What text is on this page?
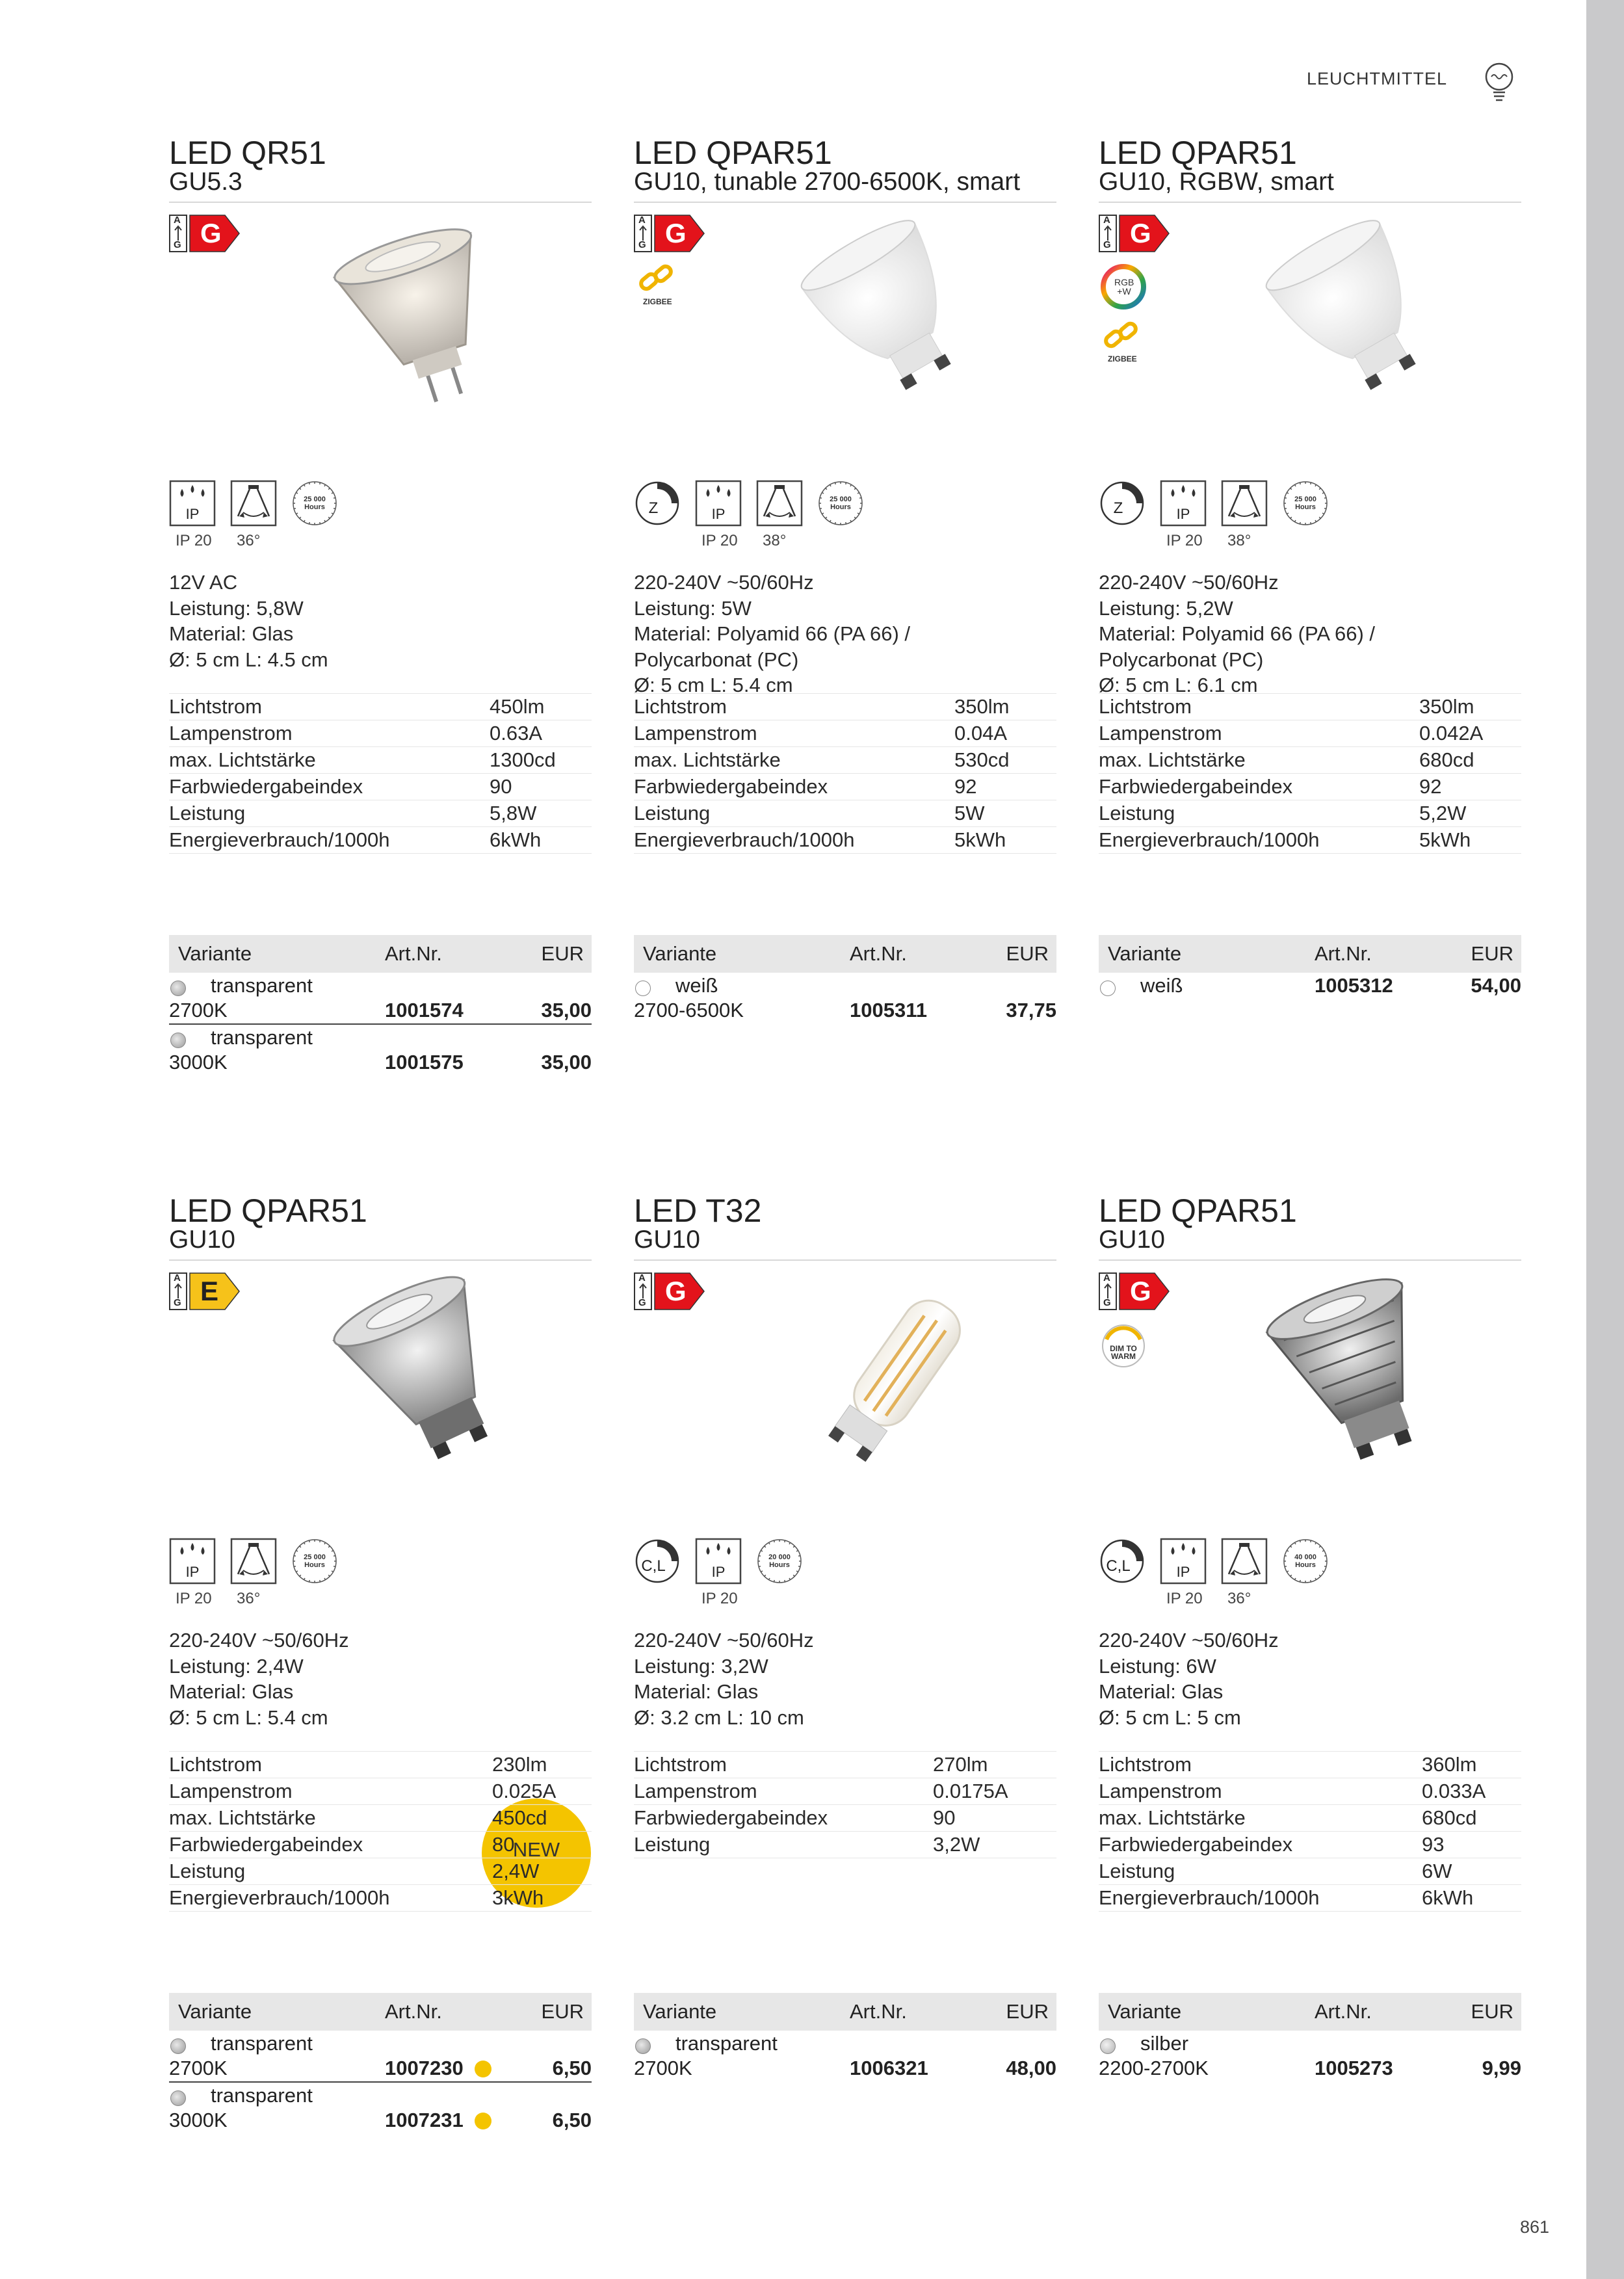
LEUCHTMITTEL
861
LED QR51
GU5.3
A
G G
IP
IP 20 36°
25 000
Hours
12V AC
Leistung: 5,8W
Material: Glas
Ø: 5 cm L: 4.5 cm
Lichtstrom	450lm
Lampenstrom	0.63A
max. Lichtstärke	1300cd
Farbwiedergabeindex	90
Leistung	5,8W
Energieverbrauch/1000h	6kWh
Variante	Art.Nr.	EUR
transparent
2700K	1001574	35,00
transparent
3000K	1001575	35,00
LED QPAR51
GU10, tunable 2700-6500K, smart
A
G G
ZIGBEE
Z	IP
IP 20 38°
25 000
Hours
220-240V ~50/60Hz
Leistung: 5W
Material: Polyamid 66 (PA 66) /
Polycarbonat (PC)
Ø: 5 cm L: 5.4 cm
Lichtstrom	350lm
Lampenstrom	0.04A
max. Lichtstärke	530cd
Farbwiedergabeindex	92
Leistung	5W
Energieverbrauch/1000h	5kWh
Variante	Art.Nr.	EUR
weiß
2700-6500K	1005311	37,75
LED QPAR51
GU10, RGBW, smart
A
G G
RGB +W
ZIGBEE
Z	IP
IP 20 38°
25 000
Hours
220-240V ~50/60Hz
Leistung: 5,2W
Material: Polyamid 66 (PA 66) /
Polycarbonat (PC)
Ø: 5 cm L: 6.1 cm
Lichtstrom	350lm
Lampenstrom	0.042A
max. Lichtstärke	680cd
Farbwiedergabeindex	92
Leistung	5,2W
Energieverbrauch/1000h	5kWh
Variante	Art.Nr.	EUR
weiß	1005312	54,00
LED QPAR51
GU10
A
G E
NEW
IP
IP 20 36°
25 000
Hours
220-240V ~50/60Hz
Leistung: 2,4W
Material: Glas
Ø: 5 cm L: 5.4 cm
Lichtstrom	230lm
Lampenstrom	0.025A
max. Lichtstärke	450cd
Farbwiedergabeindex	80
Leistung	2,4W
Energieverbrauch/1000h	3kWh
Variante	Art.Nr.	EUR
transparent
2700K	1007230	6,50
transparent
3000K	1007231	6,50
LED T32
GU10
A
G G
C,L	IP
IP 20
20 000
Hours
220-240V ~50/60Hz
Leistung: 3,2W
Material: Glas
Ø: 3.2 cm L: 10 cm
Lichtstrom	270lm
Lampenstrom	0.0175A
Farbwiedergabeindex	90
Leistung	3,2W
Variante	Art.Nr.	EUR
transparent
2700K	1006321	48,00
LED QPAR51
GU10
A
G G
DIM TO WARM
C,L	IP
IP 20 36°
40 000
Hours
220-240V ~50/60Hz
Leistung: 6W
Material: Glas
Ø: 5 cm L: 5 cm
Lichtstrom	360lm
Lampenstrom	0.033A
max. Lichtstärke	680cd
Farbwiedergabeindex	93
Leistung	6W
Energieverbrauch/1000h	6kWh
Variante	Art.Nr.	EUR
silber
2200-2700K	1005273	9,99
